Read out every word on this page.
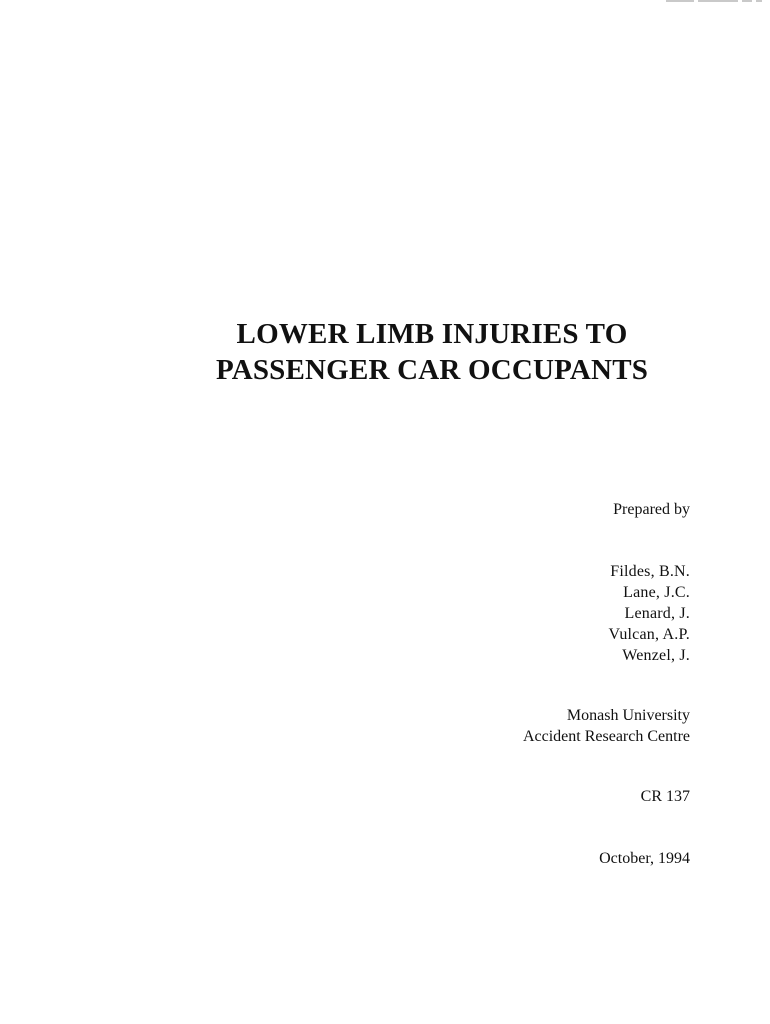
LOWER LIMB INJURIES TO
PASSENGER CAR OCCUPANTS
Prepared by
Fildes, B.N.
Lane, J.C.
Lenard, J.
Vulcan, A.P.
Wenzel, J.
Monash University
Accident Research Centre
CR 137
October, 1994
